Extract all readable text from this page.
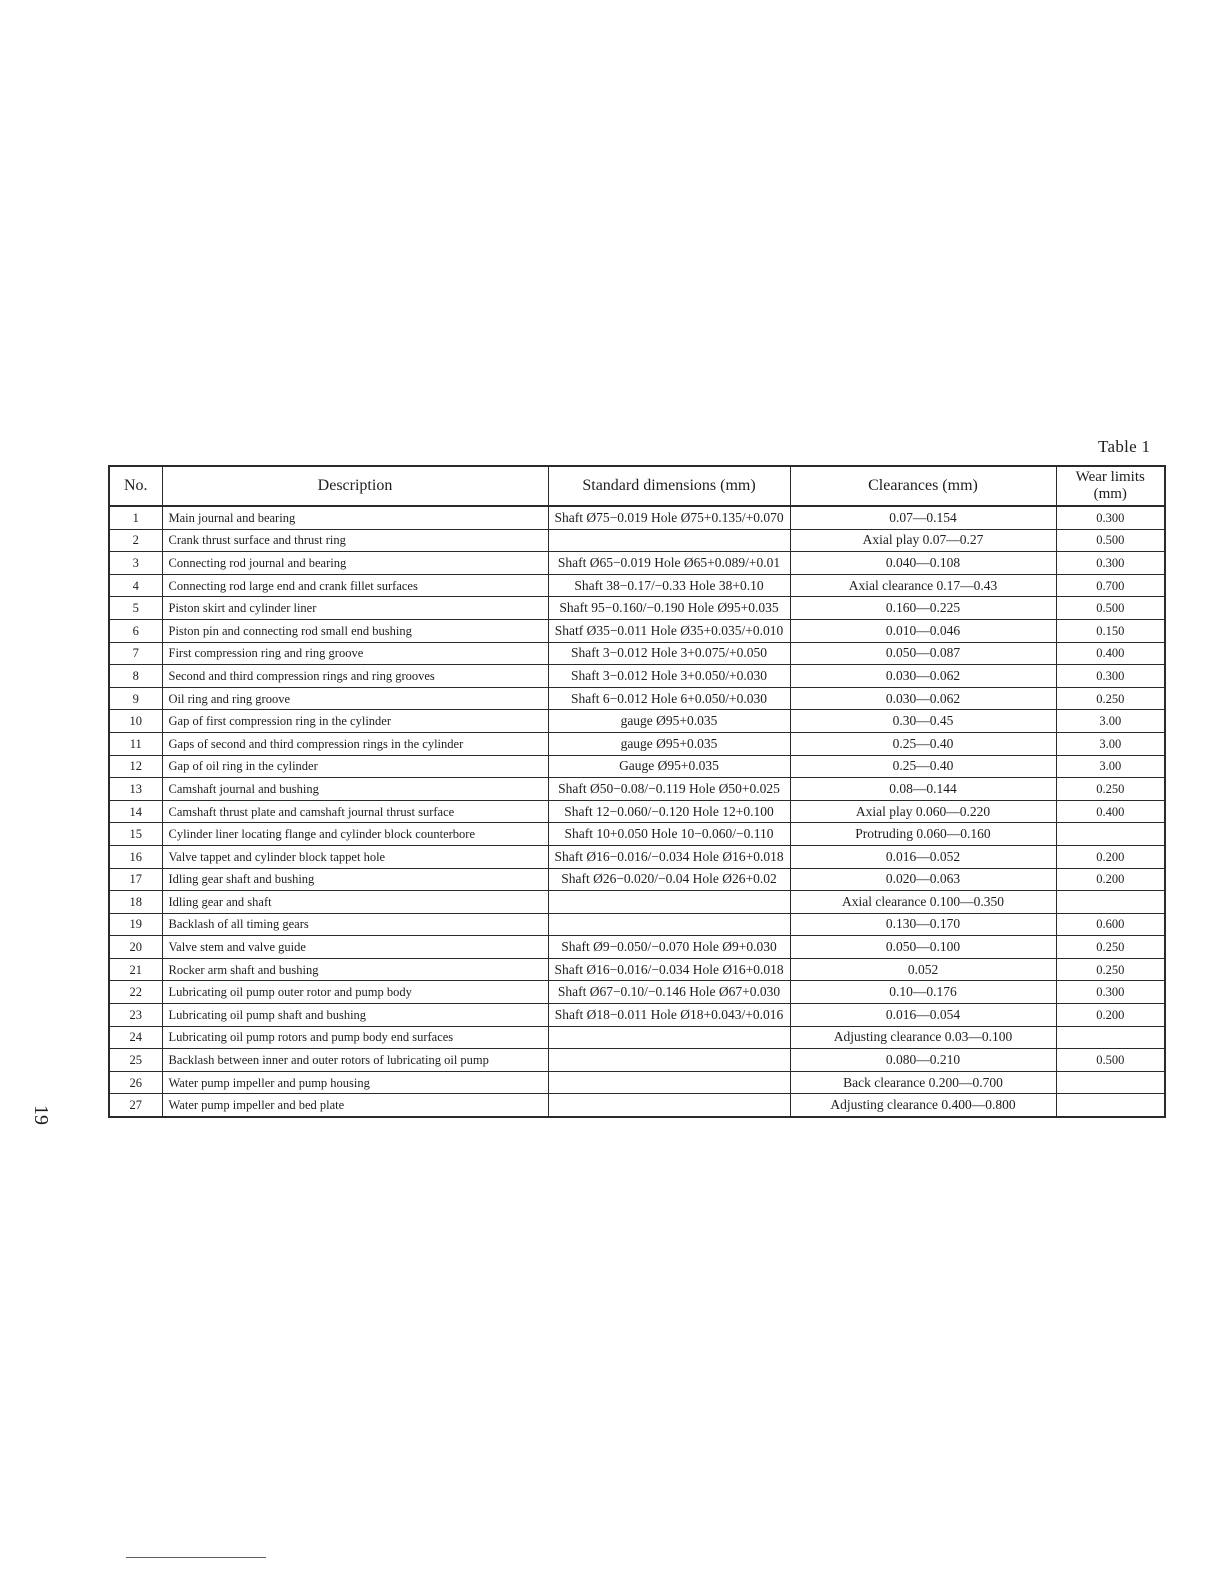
Table 1
No.	Description	Standard dimensions (mm)	Clearances (mm)	Wear limits (mm)
1	Main journal and bearing	Shaft Ø75−0.019 Hole Ø75+0.135/+0.070	0.07—0.154	0.300
2	Crank thrust surface and thrust ring		Axial play 0.07—0.27	0.500
3	Connecting rod journal and bearing	Shaft Ø65−0.019 Hole Ø65+0.089/+0.01	0.040—0.108	0.300
4	Connecting rod large end and crank fillet surfaces	Shaft 38−0.17/−0.33 Hole 38+0.10	Axial clearance 0.17—0.43	0.700
5	Piston skirt and cylinder liner	Shaft 95−0.160/−0.190 Hole Ø95+0.035	0.160—0.225	0.500
6	Piston pin and connecting rod small end bushing	Shatf Ø35−0.011 Hole Ø35+0.035/+0.010	0.010—0.046	0.150
7	First compression ring and ring groove	Shaft 3−0.012 Hole 3+0.075/+0.050	0.050—0.087	0.400
8	Second and third compression rings and ring grooves	Shaft 3−0.012 Hole 3+0.050/+0.030	0.030—0.062	0.300
9	Oil ring and ring groove	Shaft 6−0.012 Hole 6+0.050/+0.030	0.030—0.062	0.250
10	Gap of first compression ring in the cylinder	gauge Ø95+0.035	0.30—0.45	3.00
11	Gaps of second and third compression rings in the cylinder	gauge Ø95+0.035	0.25—0.40	3.00
12	Gap of oil ring in the cylinder	Gauge Ø95+0.035	0.25—0.40	3.00
13	Camshaft journal and bushing	Shaft Ø50−0.08/−0.119 Hole Ø50+0.025	0.08—0.144	0.250
14	Camshaft thrust plate and camshaft journal thrust surface	Shaft 12−0.060/−0.120 Hole 12+0.100	Axial play 0.060—0.220	0.400
15	Cylinder liner locating flange and cylinder block counterbore	Shaft 10+0.050 Hole 10−0.060/−0.110	Protruding 0.060—0.160	
16	Valve tappet and cylinder block tappet hole	Shaft Ø16−0.016/−0.034 Hole Ø16+0.018	0.016—0.052	0.200
17	Idling gear shaft and bushing	Shaft Ø26−0.020/−0.04 Hole Ø26+0.02	0.020—0.063	0.200
18	Idling gear and shaft		Axial clearance 0.100—0.350	
19	Backlash of all timing gears		0.130—0.170	0.600
20	Valve stem and valve guide	Shaft Ø9−0.050/−0.070 Hole Ø9+0.030	0.050—0.100	0.250
21	Rocker arm shaft and bushing	Shaft Ø16−0.016/−0.034 Hole Ø16+0.018	0.052	0.250
22	Lubricating oil pump outer rotor and pump body	Shaft Ø67−0.10/−0.146 Hole Ø67+0.030	0.10—0.176	0.300
23	Lubricating oil pump shaft and bushing	Shaft Ø18−0.011 Hole Ø18+0.043/+0.016	0.016—0.054	0.200
24	Lubricating oil pump rotors and pump body end surfaces		Adjusting clearance 0.03—0.100	
25	Backlash between inner and outer rotors of lubricating oil pump		0.080—0.210	0.500
26	Water pump impeller and pump housing		Back clearance 0.200—0.700	
27	Water pump impeller and bed plate		Adjusting clearance 0.400—0.800	
19
